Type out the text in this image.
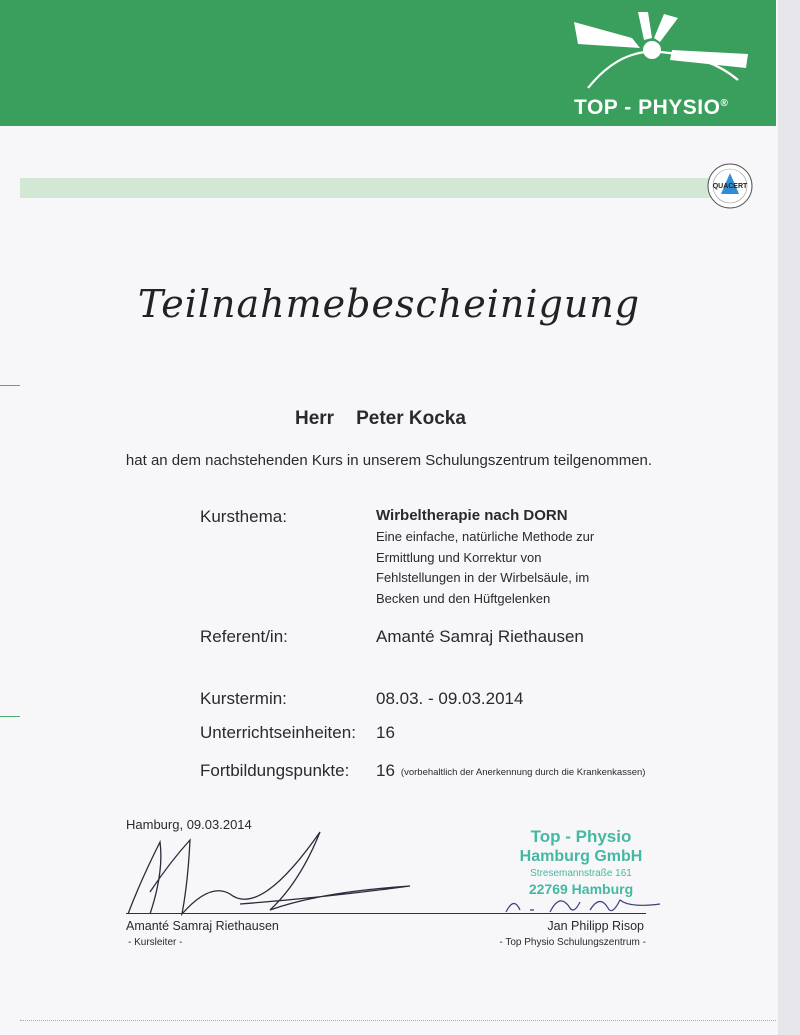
TOP - PHYSIO®
QUACERT
Teilnahmebescheinigung
Herr Peter Kocka
hat an dem nachstehenden Kurs in unserem Schulungszentrum teilgenommen.
Kursthema:	Wirbeltherapie nach DORN
Eine einfache, natürliche Methode zur
Ermittlung und Korrektur von
Fehlstellungen in der Wirbelsäule, im
Becken und den Hüftgelenken
Referent/in:	Amanté Samraj Riethausen
Kurstermin:	08.03. - 09.03.2014
Unterrichtseinheiten: 16
Fortbildungspunkte: 16 (vorbehaltlich der Anerkennung durch die Krankenkassen)
Hamburg, 09.03.2014
Top - Physio
Hamburg GmbH
Stresemannstraße 161
22769 Hamburg
Amanté Samraj Riethausen
- Kursleiter -
Jan Philipp Risop
- Top Physio Schulungszentrum -
